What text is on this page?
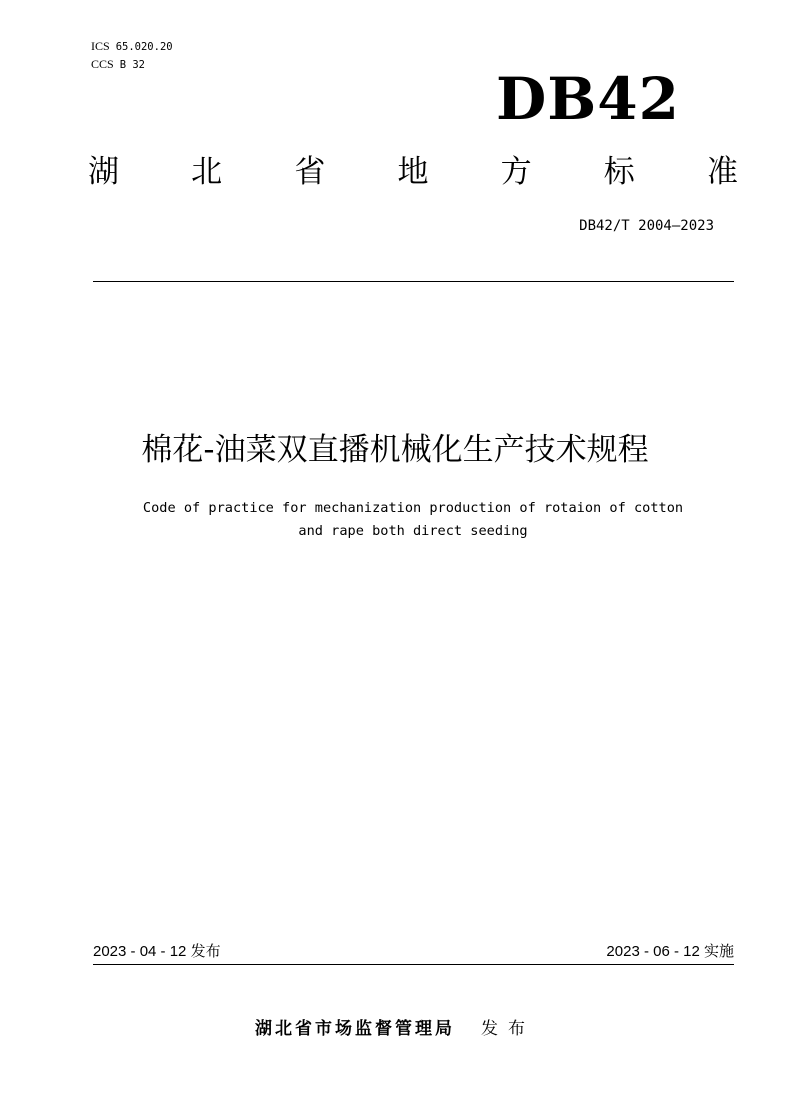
ICS 65.020.20
CCS B 32	DB42
湖 北 省 地 方 标 准
DB42/T 2004—2023
棉花-油菜双直播机械化生产技术规程
Code of practice for mechanization production of rotaion of cotton
and rape both direct seeding
2023 - 04 - 12 发布	2023 - 06 - 12 实施
湖北省市场监督管理局 发布
